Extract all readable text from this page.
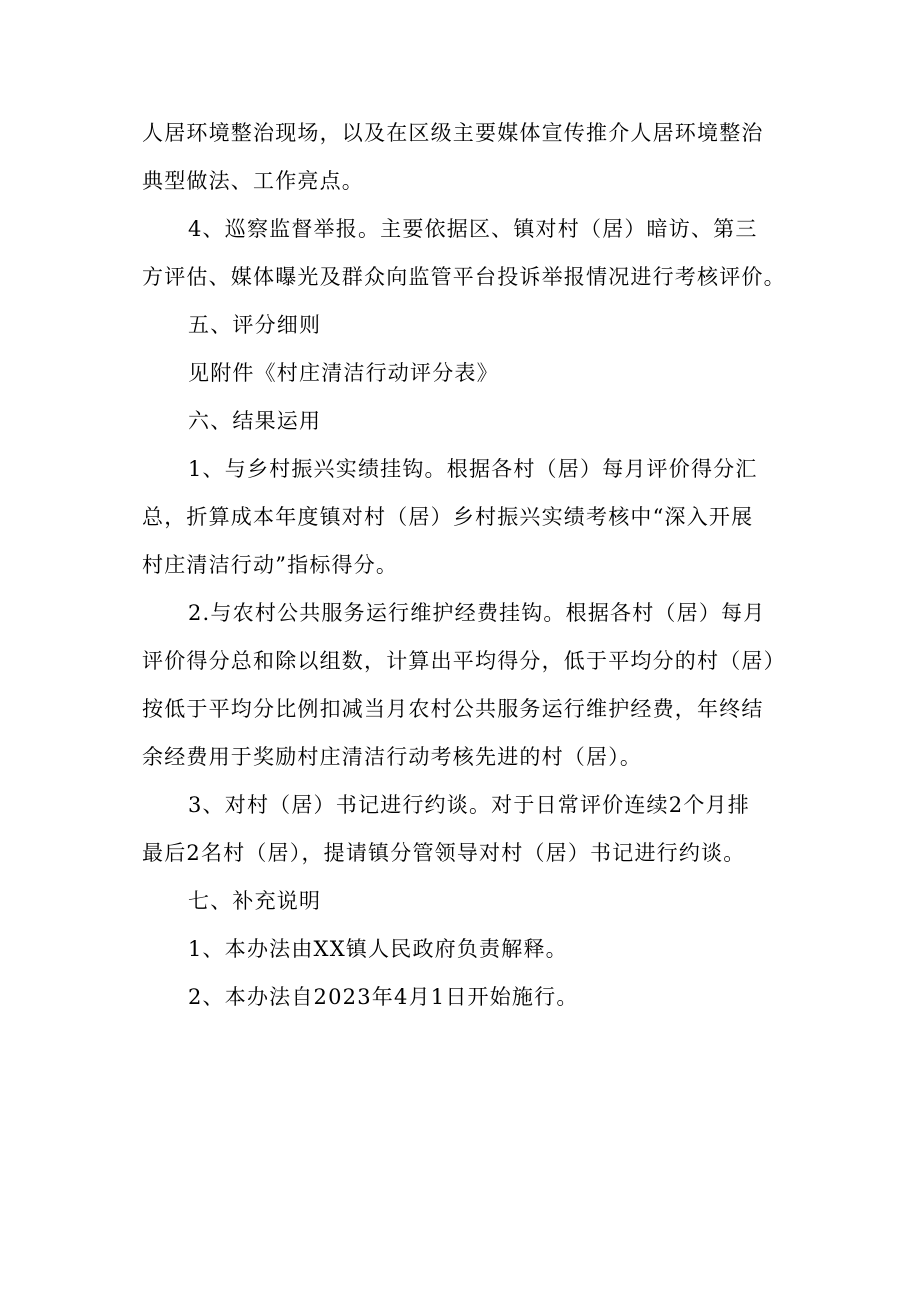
人居环境整治现场，以及在区级主要媒体宣传推介人居环境整治
典型做法、工作亮点。
4、巡察监督举报。主要依据区、镇对村（居）暗访、第三
方评估、媒体曝光及群众向监管平台投诉举报情况进行考核评价。
五、评分细则
见附件《村庄清洁行动评分表》
六、结果运用
1、与乡村振兴实绩挂钩。根据各村（居）每月评价得分汇
总，折算成本年度镇对村（居）乡村振兴实绩考核中“深入开展
村庄清洁行动”指标得分。
2.与农村公共服务运行维护经费挂钩。根据各村（居）每月
评价得分总和除以组数，计算出平均得分，低于平均分的村（居）
按低于平均分比例扣减当月农村公共服务运行维护经费，年终结
余经费用于奖励村庄清洁行动考核先进的村（居）。
3、对村（居）书记进行约谈。对于日常评价连续2个月排
最后2名村（居），提请镇分管领导对村（居）书记进行约谈。
七、补充说明
1、本办法由XX镇人民政府负责解释。
2、本办法自2023年4月1日开始施行。
